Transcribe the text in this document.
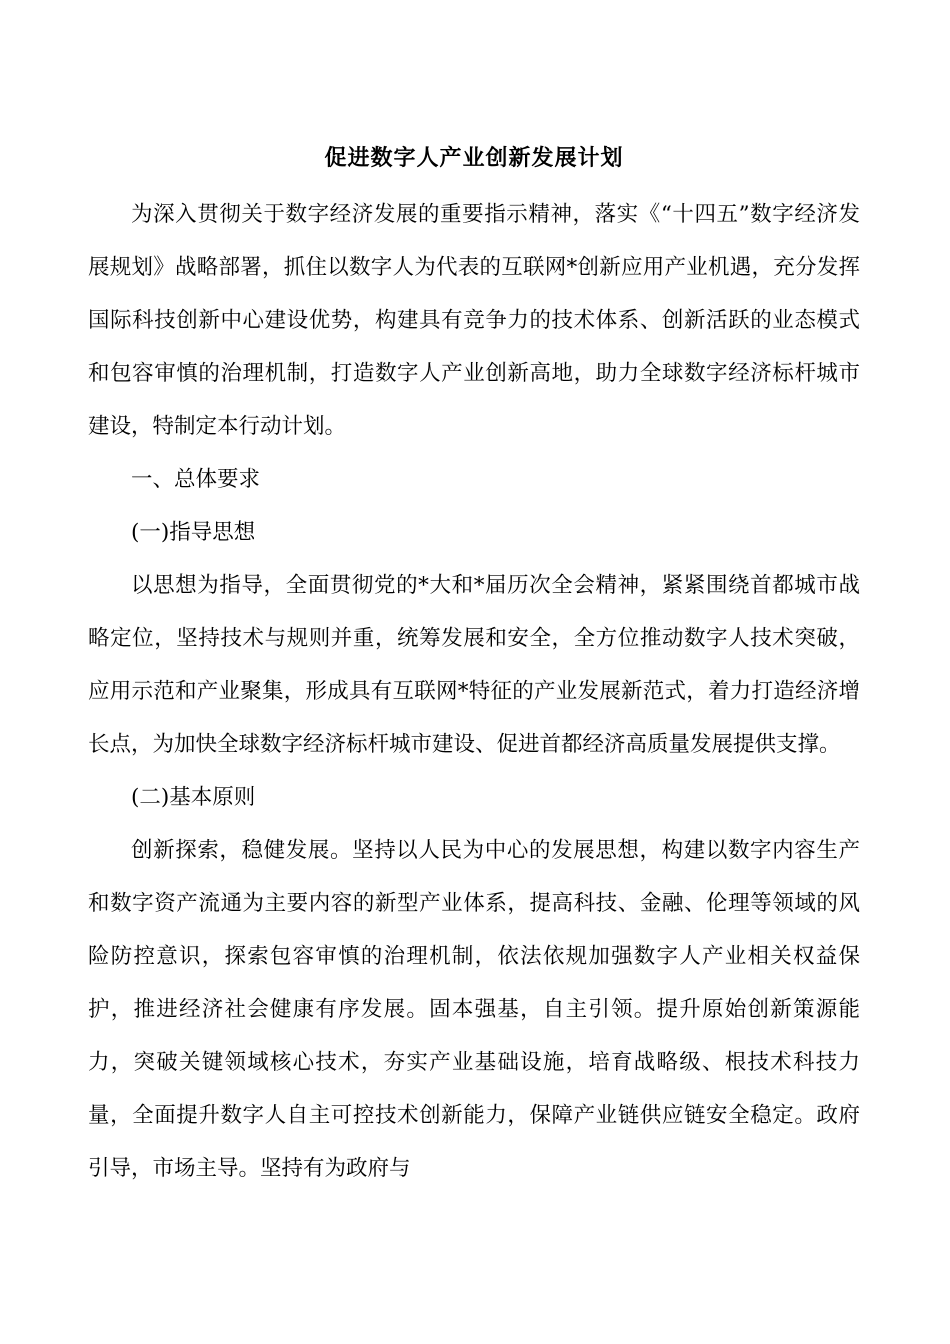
促进数字人产业创新发展计划

为深入贯彻关于数字经济发展的重要指示精神，落实《“十四五”数字经济发展规划》战略部署，抓住以数字人为代表的互联网*创新应用产业机遇，充分发挥国际科技创新中心建设优势，构建具有竞争力的技术体系、创新活跃的业态模式和包容审慎的治理机制，打造数字人产业创新高地，助力全球数字经济标杆城市建设，特制定本行动计划。

一、总体要求

(一)指导思想

以思想为指导，全面贯彻党的*大和*届历次全会精神，紧紧围绕首都城市战略定位，坚持技术与规则并重，统筹发展和安全，全方位推动数字人技术突破，应用示范和产业聚集，形成具有互联网*特征的产业发展新范式，着力打造经济增长点，为加快全球数字经济标杆城市建设、促进首都经济高质量发展提供支撑。

(二)基本原则

创新探索，稳健发展。坚持以人民为中心的发展思想，构建以数字内容生产和数字资产流通为主要内容的新型产业体系，提高科技、金融、伦理等领域的风险防控意识，探索包容审慎的治理机制，依法依规加强数字人产业相关权益保护，推进经济社会健康有序发展。固本强基，自主引领。提升原始创新策源能力，突破关键领域核心技术，夯实产业基础设施，培育战略级、根技术科技力量，全面提升数字人自主可控技术创新能力，保障产业链供应链安全稳定。政府引导，市场主导。坚持有为政府与
